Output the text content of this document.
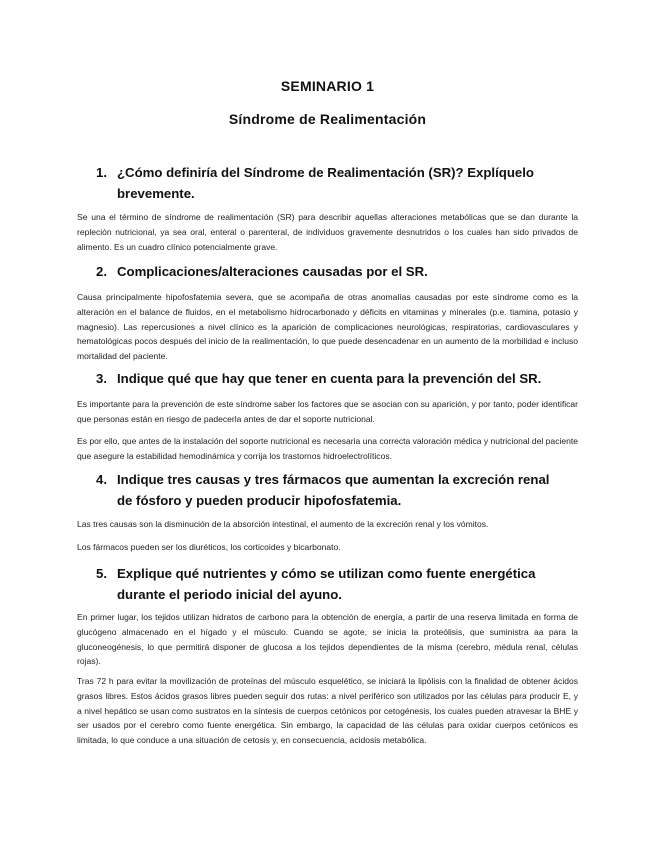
SEMINARIO 1
Síndrome de Realimentación
1. ¿Cómo definiría del Síndrome de Realimentación (SR)? Explíquelo brevemente.
Se una el término de síndrome de realimentación (SR) para describir aquellas alteraciones metabólicas que se dan durante la repleción nutricional, ya sea oral, enteral o parenteral, de individuos gravemente desnutridos o los cuales han sido privados de alimento. Es un cuadro clínico potencialmente grave.
2. Complicaciones/alteraciones causadas por el SR.
Causa principalmente hipofosfatemia severa, que se acompaña de otras anomalías causadas por este síndrome como es la alteración en el balance de fluidos, en el metabolismo hidrocarbonado y déficits en vitaminas y minerales (p.e. tiamina, potasio y magnesio). Las repercusiones a nivel clínico es la aparición de complicaciones neurológicas, respiratorias, cardiovasculares y hematológicas pocos después del inicio de la realimentación, lo que puede desencadenar en un aumento de la morbilidad e incluso mortalidad del paciente.
3. Indique qué que hay que tener en cuenta para la prevención del SR.
Es importante para la prevención de este síndrome saber los factores que se asocian con su aparición, y por tanto, poder identificar que personas están en riesgo de padecerla antes de dar el soporte nutricional.
Es por ello, que antes de la instalación del soporte nutricional es necesaria una correcta valoración médica y nutricional del paciente que asegure la estabilidad hemodinámica y corrija los trastornos hidroelectrolíticos.
4. Indique tres causas y tres fármacos que aumentan la excreción renal de fósforo y pueden producir hipofosfatemia.
Las tres causas son la disminución de la absorción intestinal, el aumento de la excreción renal y los vómitos.
Los fármacos pueden ser los diuréticos, los corticoides y bicarbonato.
5. Explique qué nutrientes y cómo se utilizan como fuente energética durante el periodo inicial del ayuno.
En primer lugar, los tejidos utilizan hidratos de carbono para la obtención de energía, a partir de una reserva limitada en forma de glucógeno almacenado en el hígado y el músculo. Cuando se agote, se inicia la proteólisis, que suministra aa para la gluconeogénesis, lo que permitirá disponer de glucosa a los tejidos dependientes de la misma (cerebro, médula renal, células rojas).
Tras 72 h para evitar la movilización de proteínas del músculo esquelético, se iniciará la lipólisis con la finalidad de obtener ácidos grasos libres. Estos ácidos grasos libres pueden seguir dos rutas: a nivel periférico son utilizados por las células para producir E, y a nivel hepático se usan como sustratos en la síntesis de cuerpos cetónicos por cetogénesis, los cuales pueden atravesar la BHE y ser usados por el cerebro como fuente energética. Sin embargo, la capacidad de las células para oxidar cuerpos cetónicos es limitada, lo que conduce a una situación de cetosis y, en consecuencia, acidosis metabólica.
